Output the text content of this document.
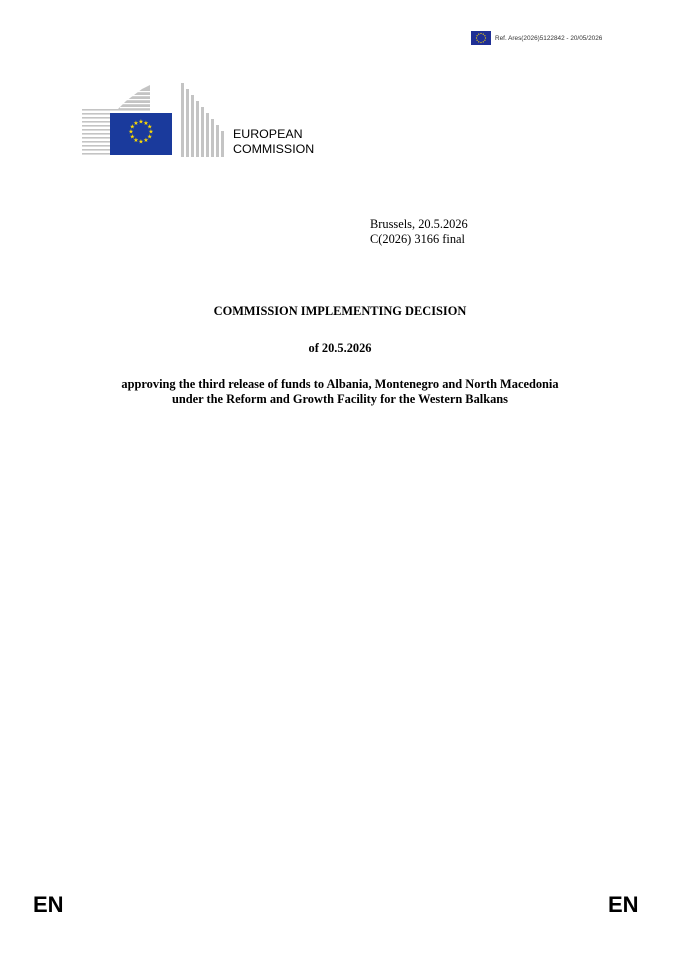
Ref. Ares(2026)5122842 - 20/05/2026
★ ★
★
★
★
★
★
★
★
★
★
★
EUROPEAN
COMMISSION
Brussels, 20.5.2026
C(2026) 3166 final
COMMISSION IMPLEMENTING DECISION
of 20.5.2026
approving the third release of funds to Albania, Montenegro and North Macedonia
under the Reform and Growth Facility for the Western Balkans
EN	EN
